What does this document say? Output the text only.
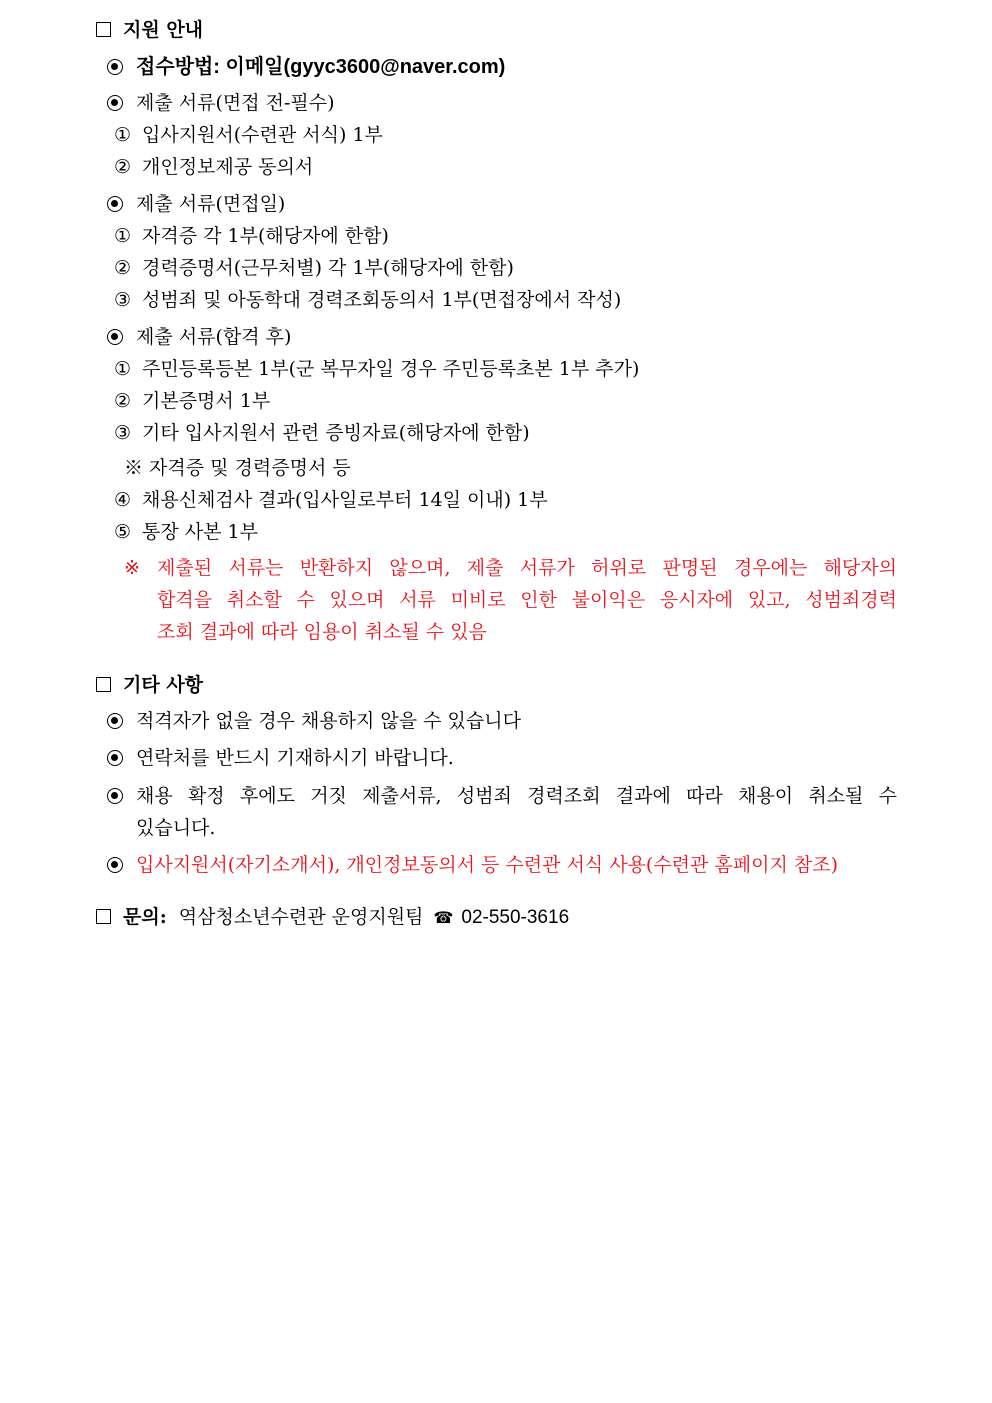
지원 안내
접수방법: 이메일(gyyc3600@naver.com)
제출 서류(면접 전-필수)
① 입사지원서(수련관 서식) 1부
② 개인정보제공 동의서
제출 서류(면접일)
① 자격증 각 1부(해당자에 한함)
② 경력증명서(근무처별) 각 1부(해당자에 한함)
③ 성범죄 및 아동학대 경력조회동의서 1부(면접장에서 작성)
제출 서류(합격 후)
① 주민등록등본 1부(군 복무자일 경우 주민등록초본 1부 추가)
② 기본증명서 1부
③ 기타 입사지원서 관련 증빙자료(해당자에 한함)
※ 자격증 및 경력증명서 등
④ 채용신체검사 결과(입사일로부터 14일 이내) 1부
⑤ 통장 사본 1부
※ 제출된 서류는 반환하지 않으며, 제출 서류가 허위로 판명된 경우에는 해당자의
합격을 취소할 수 있으며 서류 미비로 인한 불이익은 응시자에 있고, 성범죄경력
조회 결과에 따라 임용이 취소될 수 있음
기타 사항
적격자가 없을 경우 채용하지 않을 수 있습니다
연락처를 반드시 기재하시기 바랍니다.
채용 확정 후에도 거짓 제출서류, 성범죄 경력조회 결과에 따라 채용이 취소될 수
있습니다.
입사지원서(자기소개서), 개인정보동의서 등 수련관 서식 사용(수련관 홈페이지 참조)
문의: 역삼청소년수련관 운영지원팀 ☎ 02-550-3616
